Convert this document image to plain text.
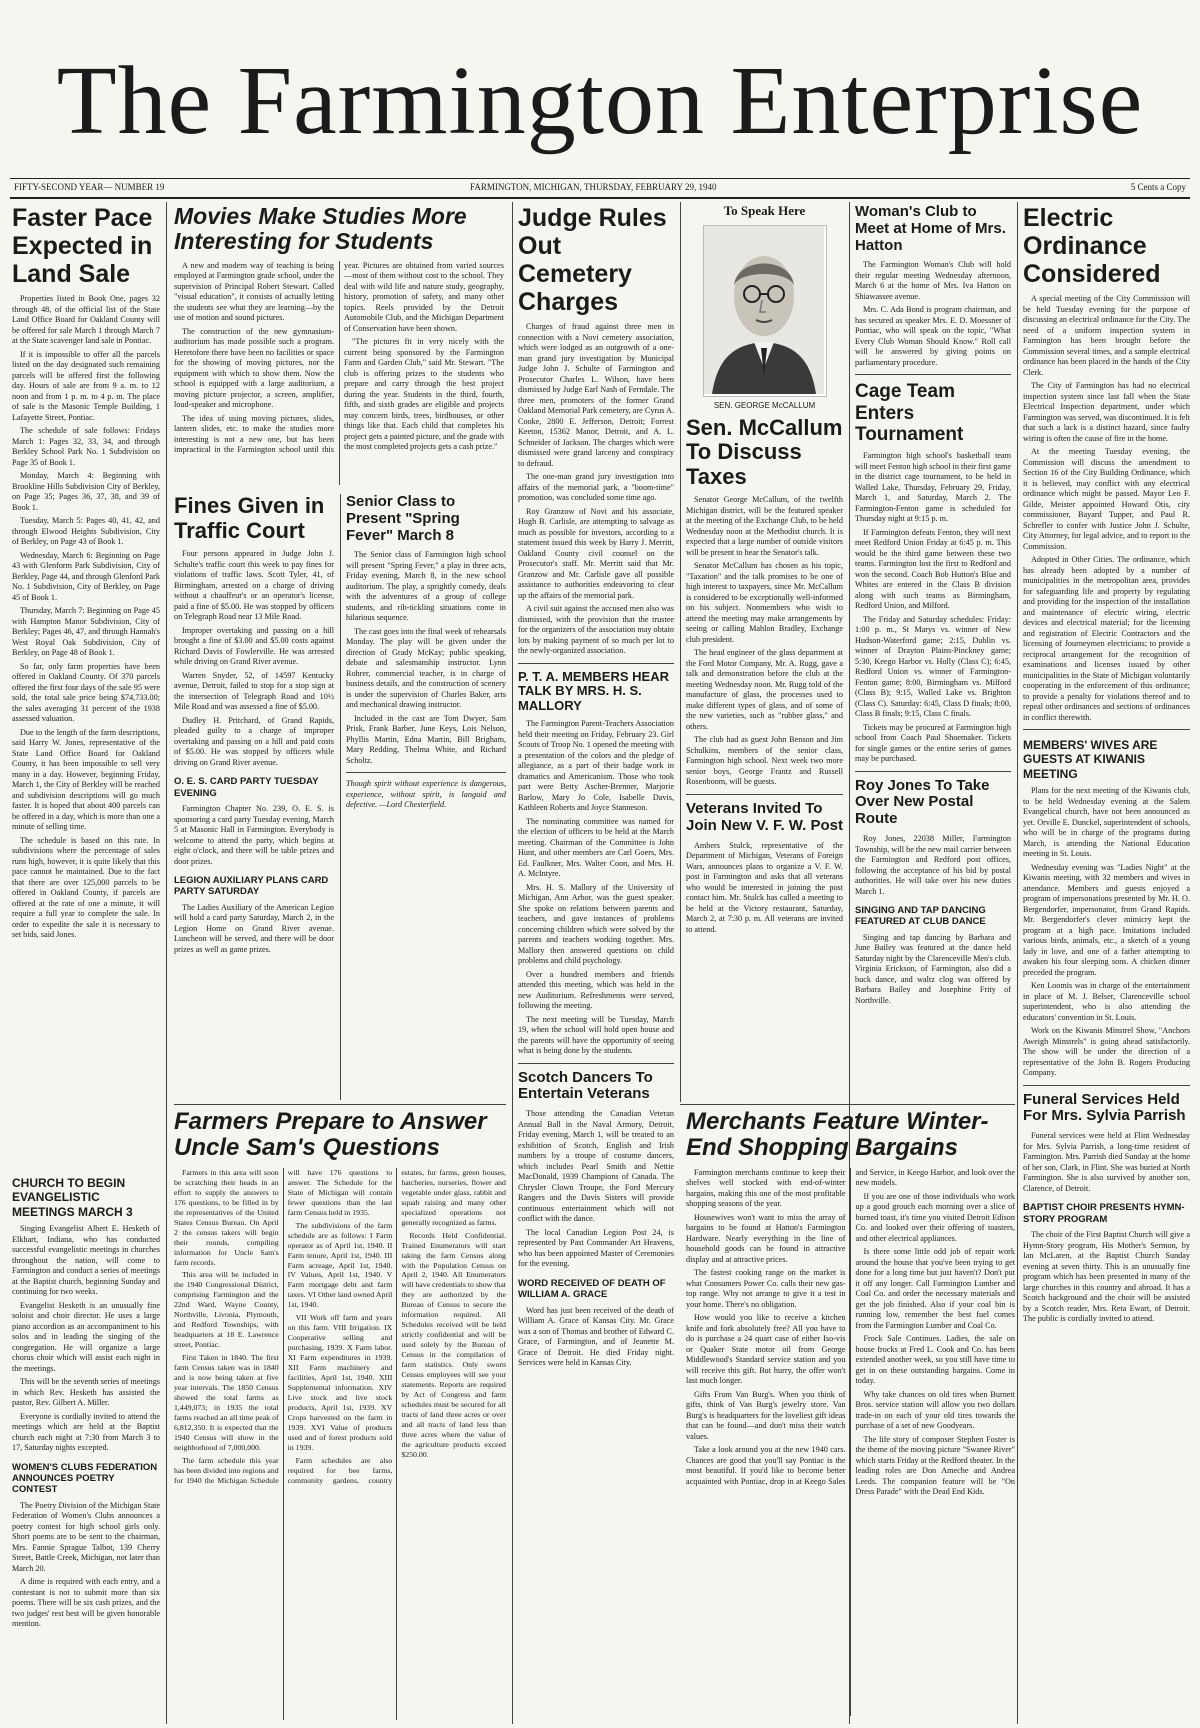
The Farmington Enterprise
FIFTY-SECOND YEAR— NUMBER 19	FARMINGTON, MICHIGAN, THURSDAY, FEBRUARY 29, 1940	5 Cents a Copy
Faster Pace Expected in Land Sale

Properties listed in Book One, pages 32 through 48, of the official list of the State Land Office Board for Oakland County will be offered for sale March 1 through March 7 at the State scavenger land sale in Pontiac.

If it is impossible to offer all the parcels listed on the day designated such remaining parcels will be offered first the following day. Hours of sale are from 9 a. m. to 12 noon and from 1 p. m. to 4 p. m. The place of sale is the Masonic Temple Building, 1 Lafayette Street, Pontiac.

The schedule of sale follows: Fridays March 1: Pages 32, 33, 34, and through Berkley School Park No. 1 Subdivision on Page 35 of Book 1.

Monday, March 4: Beginning with Brookline Hills Subdivision City of Berkley, on Page 35; Pages 36, 37, 38, and 39 of Book 1.

Tuesday, March 5: Pages 40, 41, 42, and through Elwood Heights Subdivision, City of Berkley, on Page 43 of Book 1.

Wednesday, March 6: Beginning on Page 43 with Glenform Park Subdivision, City of Berkley, Page 44, and through Glenford Park No. 1 Subdivision, City of Berkley, on Page 45 of Book 1.

Thursday, March 7: Beginning on Page 45 with Hampton Manor Subdivision, City of Berkley; Pages 46, 47, and through Hannah's West Royal Oak Subdivision, City of Berkley, on Page 48 of Book 1.

So far, only farm properties have been offered in Oakland County. Of 370 parcels offered the first four days of the sale 95 were sold, the total sale price being $74,733.00; the sales averaging 31 percent of the 1938 assessed valuation.

Due to the length of the farm descriptions, said Harry W. Jones, representative of the State Land Office Board for Oakland County, it has been impossible to sell very many in a day. However, beginning Friday, March 1, the City of Berkley will be reached and subdivision descriptions will go much faster. It is hoped that about 400 parcels can be offered in a day, which is more than one a minute of selling time.

The schedule is based on this rate. In subdivisions where the percentage of sales runs high, however, it is quite likely that this pace cannot be maintained. Due to the fact that there are over 125,000 parcels to be offered in Oakland County, if parcels are offered at the rate of one a minute, it will require a full year to complete the sale. In order to expedite the sale it is necessary to set bids, said Jones.

CHURCH TO BEGIN EVANGELISTIC MEETINGS MARCH 3

Singing Evangelist Albert E. Hesketh of Elkhart, Indiana, who has conducted successful evangelistic meetings in churches throughout the nation, will come to Farmington and conduct a series of meetings at the Baptist church, beginning Sunday and continuing for two weeks.

Evangelist Hesketh is an unusually fine soloist and choir director. He uses a large piano accordion as an accompaniment to his solos and in leading the singing of the congregation. He will organize a large chorus choir which will assist each night in the meetings.

This will be the seventh series of meetings in which Rev. Hesketh has assisted the pastor, Rev. Gilbert A. Miller.

Everyone is cordially invited to attend the meetings which are held at the Baptist church each night at 7:30 from March 3 to 17, Saturday nights excepted.

WOMEN'S CLUBS FEDERATION ANNOUNCES POETRY CONTEST

The Poetry Division of the Michigan State Federation of Women's Clubs announces a poetry contest for high school girls only. Short poems are to be sent to the chairman, Mrs. Fannie Sprague Talbot, 139 Cherry Street, Battle Creek, Michigan, not later than March 20.

A dime is required with each entry, and a contestant is not to submit more than six poems. There will be six cash prizes, and the two judges' rest best will be given honorable mention.

Movies Make Studies More Interesting for Students

A new and modern way of teaching is being employed at Farmington grade school, under the supervision of Principal Robert Stewart. Called "visual education", it consists of actually letting the students see what they are learning—by the use of motion and sound pictures.

The construction of the new gymnasium-auditorium has made possible such a program. Heretofore there have been no facilities or space for the showing of moving pictures, nor the equipment with which to show them. Now the school is equipped with a large auditorium, a moving picture projector, a screen, amplifier, loud-speaker and microphone.

The idea of using moving pictures, slides, lantern slides, etc. to make the studies more interesting is not a new one, but has been impractical in the Farmington school until this year. Pictures are obtained from varied sources—most of them without cost to the school. They deal with wild life and nature study, geography, history, promotion of safety, and many other topics. Reels provided by the Detroit Automobile Club, and the Michigan Department of Conservation have been shown.

"The pictures fit in very nicely with the current being sponsored by the Farmington Farm and Garden Club," said Mr. Stewart. "The club is offering prizes to the students who prepare and carry through the best project during the year. Students in the third, fourth, fifth, and sixth grades are eligible and projects may concern birds, trees, birdhouses, or other things like that. Each child that completes his project gets a painted picture, and the grade with the most completed projects gets a cash prize."

Fines Given in Traffic Court

Four persons appeared in Judge John J. Schulte's traffic court this week to pay fines for violations of traffic laws. Scott Tyler, 41, of Birmingham, arrested on a charge of driving without a chauffeur's or an operator's license, paid a fine of $5.00. He was stopped by officers on Telegraph Road near 13 Mile Road.

Improper overtaking and passing on a hill brought a fine of $3.00 and $5.00 costs against Richard Davis of Fowlerville. He was arrested while driving on Grand River avenue.

Warren Snyder, 52, of 14597 Kentucky avenue, Detroit, failed to stop for a stop sign at the intersection of Telegraph Road and 10½ Mile Road and was assessed a fine of $5.00.

Dudley H. Pritchard, of Grand Rapids, pleaded guilty to a charge of improper overtaking and passing on a hill and paid costs of $5.00. He was stopped by officers while driving on Grand River avenue.

O. E. S. CARD PARTY TUESDAY EVENING

Farmington Chapter No. 239, O. E. S. is sponsoring a card party Tuesday evening, March 5 at Masonic Hall in Farmington. Everybody is welcome to attend the party, which begins at eight o'clock, and there will be table prizes and door prizes.

LEGION AUXILIARY PLANS CARD PARTY SATURDAY

The Ladies Auxiliary of the American Legion will hold a card party Saturday, March 2, in the Legion Home on Grand River avenue. Luncheon will be served, and there will be door prizes as well as game prizes.

Senior Class to Present "Spring Fever" March 8

The Senior class of Farmington high school will present "Spring Fever," a play in three acts, Friday evening, March 8, in the new school auditorium. The play, a sprightly comedy, deals with the adventures of a group of college students, and rib-tickling situations come in hilarious sequence.

The cast goes into the final week of rehearsals Monday. The play will be given under the direction of Grady McKay; public speaking, debate and salesmanship instructor. Lynn Rohrer, commercial teacher, is in charge of business details, and the construction of scenery is under the supervision of Charles Baker, arts and mechanical drawing instructor.

Included in the cast are Tom Dwyer, Sam Prisk, Frank Barber, June Keys, Lois Nelson, Phyllis Martin, Edna Martin, Bill Brigham, Mary Redding, Thelma White, and Richard Scholtz.

Though spirit without experience is dangerous, experience, without spirit, is languid and defective. —Lord Chesterfield.
Farmers Prepare to Answer Uncle Sam's Questions

Farmers in this area will soon be scratching their heads in an effort to supply the answers to 176 questions, to be filled in by the representatives of the United States Census Bureau. On April 2 the census takers will begin their rounds, compiling information for Uncle Sam's farm records.

This area will be included in the 1940 Congressional District, comprising Farmington and the 22nd Ward, Wayne County, Northville, Livonia, Plymouth, and Redford Townships, with headquarters at 18 E. Lawrence street, Pontiac.

First Taken in 1840. The first farm Census taken was in 1840 and is now being taken at five year intervals. The 1850 Census showed the total farms as 1,449,073; in 1935 the total farms reached an all time peak of 6,812,350. It is expected that the 1940 Census will show in the neighborhood of 7,000,000.

The farm schedule this year has been divided into regions and for 1940 the Michigan Schedule will have 176 questions to answer. The Schedule for the State of Michigan will contain fewer questions than the last farm Census held in 1935.

The subdivisions of the farm schedule are as follows: I Farm operator as of April 1st, 1940. II Farm tenure, April 1st, 1940. III Farm acreage, April 1st, 1940. IV Values, April 1st, 1940. V Farm mortgage debt and farm taxes. VI Other land owned April 1st, 1940.

VII Work off farm and years on this farm. VIII Irrigation. IX Cooperative selling and purchasing, 1939. X Farm labor. XI Farm expenditures in 1939. XII Farm machinery and facilities, April 1st, 1940. XIII Supplemental information. XIV Live stock and live stock products, April 1st, 1939. XV Crops harvested on the farm in 1939. XVI Value of products used and of forest products sold in 1939.

Farm schedules are also required for bee farms, community gardens, country estates, fur farms, green houses, hatcheries, nurseries, flower and vegetable under glass, rabbit and squab raising and many other specialized operations not generally recognized as farms.

Records Held Confidential. Trained Enumerators will start taking the farm Census along with the Population Census on April 2, 1940. All Enumerators will have credentials to show that they are authorized by the Bureau of Census to secure the information required. All Schedules received will be held strictly confidential and will be used solely by the Bureau of Census in the compilation of farm statistics. Only sworn Census employees will see your statements. Reports are required by Act of Congress and farm schedules must be secured for all tracts of land three acres or over and all tracts of land less than three acres where the value of the agriculture products exceed $250.00.

Judge Rules Out Cemetery Charges

Charges of fraud against three men in connection with a Novi cemetery association, which were lodged as an outgrowth of a one-man grand jury investigation by Municipal Judge John J. Schulte of Farmington and Prosecutor Charles L. Wilson, have been dismissed by Judge Earl Nash of Ferndale. The three men, promoters of the former Grand Oakland Memorial Park cemetery, are Cyrus A. Cooke, 2800 E. Jefferson, Detroit; Forrest Keeton, 15362 Manor, Detroit, and A. L. Schneider of Jackson. The charges which were dismissed were grand larceny and conspiracy to defraud.

The one-man grand jury investigation into affairs of the memorial park, a "boom-time" promotion, was concluded some time ago.

Roy Granzow of Novi and his associate, Hugh B. Carlisle, are attempting to salvage as much as possible for investors, according to a statement issued this week by Harry J. Merritt, Oakland County civil counsel on the Prosecutor's staff. Mr. Merritt said that Mr. Granzow and Mr. Carlisle gave all possible assistance to authorities endeavoring to clear up the affairs of the memorial park.

A civil suit against the accused men also was dismissed, with the provision that the trustee for the organizers of the association may obtain lots by making payment of so much per lot to the newly-organized association.

P. T. A. MEMBERS HEAR TALK BY MRS. H. S. MALLORY

The Farmington Parent-Teachers Association held their meeting on Friday, February 23. Girl Scouts of Troop No. 1 opened the meeting with a presentation of the colors and the pledge of allegiance, as a part of their badge work in dramatics and Americanism. Those who took part were Betty Ascher-Brenner, Marjorie Barlow, Mary Jo Cole, Isabelle Davis, Kathleen Roberts and Joyce Stanneson.

The nominating committee was named for the election of officers to be held at the March meeting. Chairman of the Committee is John Hunt, and other members are Carl Goers, Mrs. Ed. Faulkner, Mrs. Walter Coon, and Mrs. H. A. McIntyre.

Mrs. H. S. Mallory of the University of Michigan, Ann Arbor, was the guest speaker. She spoke on relations between parents and teachers, and gave instances of problems concerning children which were solved by the parents and teachers working together. Mrs. Mallory then answered questions on child problems and child psychology.

Over a hundred members and friends attended this meeting, which was held in the new Auditorium. Refreshments were served, following the meeting.

The next meeting will be Tuesday, March 19, when the school will hold open house and the parents will have the opportunity of seeing what is being done by the students.

Scotch Dancers To Entertain Veterans

Those attending the Canadian Veteran Annual Ball in the Naval Armory, Detroit, Friday evening, March 1, will be treated to an exhibition of Scotch, English and Irish numbers by a troupe of costume dancers, which includes Pearl Smith and Nettie MacDonald, 1939 Champions of Canada. The Chrysler Clown Troupe, the Ford Mercury Rangers and the Davis Sisters will provide continuous entertainment which will not conflict with the dance.

The local Canadian Legion Post 24, is represented by Past Commander Art Heavens, who has been appointed Master of Ceremonies for the evening.

WORD RECEIVED OF DEATH OF WILLIAM A. GRACE

Word has just been received of the death of William A. Grace of Kansas City. Mr. Grace was a son of Thomas and brother of Edward C. Grace, of Farmington, and of Jeanette M. Grace of Detroit. He died Friday night. Services were held in Kansas City.

To Speak Here
SEN. GEORGE McCALLUM
Sen. McCallum To Discuss Taxes

Senator George McCallum, of the twelfth Michigan district, will be the featured speaker at the meeting of the Exchange Club, to be held Wednesday noon at the Methodist church. It is expected that a large number of outside visitors will be present to hear the Senator's talk.

Senator McCallum has chosen as his topic, "Taxation" and the talk promises to be one of high interest to taxpayers, since Mr. McCallum is considered to be exceptionally well-informed on his subject. Nonmembers who wish to attend the meeting may make arrangements by seeing or calling Mahlon Bradley, Exchange club president.

The head engineer of the glass department at the Ford Motor Company, Mr. A. Rugg, gave a talk and demonstration before the club at the meeting Wednesday noon. Mr. Rugg told of the manufacture of glass, the processes used to make different types of glass, and of some of the new varieties, such as "rubber glass," and others.

The club had as guest John Benson and Jim Schulkins, members of the senior class, Farmington high school. Next week two more senior boys, George Frantz and Russell Rosenboom, will be guests.

Veterans Invited To Join New V. F. W. Post

Ambers Stulck, representative of the Department of Michigan, Veterans of Foreign Wars, announces plans to organize a V. F. W. post in Farmington and asks that all veterans who would be interested in joining the post contact him. Mr. Stulck has called a meeting to be held at the Victory restaurant, Saturday, March 2, at 7:30 p. m. All veterans are invited to attend.

Merchants Feature Winter-End Shopping Bargains

Farmington merchants continue to keep their shelves well stocked with end-of-winter bargains, making this one of the most profitable shopping seasons of the year.

Housewives won't want to miss the array of bargains to be found at Hatton's Farmington Hardware. Nearly everything in the line of household goods can be found in attractive display and at attractive prices.

The fastest cooking range on the market is what Consumers Power Co. calls their new gas-top range. Why not arrange to give it a test in your home. There's no obligation.

How would you like to receive a kitchen knife and fork absolutely free? All you have to do is purchase a 24 quart case of either Iso-vis or Quaker State motor oil from George Middlewood's Standard service station and you will receive this gift. But hurry, the offer won't last much longer.

Gifts From Van Burg's. When you think of gifts, think of Van Burg's jewelry store. Van Burg's is headquarters for the loveliest gift ideas that can be found—and don't miss their watch values.

Take a look around you at the new 1940 cars. Chances are good that you'll say Pontiac is the most beautiful. If you'd like to become better acquainted with Pontiac, drop in at Keego Sales and Service, in Keego Harbor, and look over the new models.

If you are one of those individuals who work up a good grouch each morning over a slice of burned toast, it's time you visited Detroit Edison Co. and looked over their offering of toasters, and other electrical appliances.

Is there some little odd job of repair work around the house that you've been trying to get done for a long time but just haven't? Don't put it off any longer. Call Farmington Lumber and Coal Co. and order the necessary materials and get the job finished. Also if your coal bin is running low, remember the best fuel comes from the Farmington Lumber and Coal Co.

Frock Sale Continues. Ladies, the sale on house frocks at Fred L. Cook and Co. has been extended another week, so you still have time to get in on these outstanding bargains. Come in today.

Why take chances on old tires when Burnett Bros. service station will allow you two dollars trade-in on each of your old tires towards the purchase of a set of new Goodyears.

The life story of composer Stephen Foster is the theme of the moving picture "Swanee River" which starts Friday at the Redford theater. In the leading roles are Don Ameche and Andrea Leeds. The companion feature will be "On Dress Parade" with the Dead End Kids.

Woman's Club to Meet at Home of Mrs. Hatton

The Farmington Woman's Club will hold their regular meeting Wednesday afternoon, March 6 at the home of Mrs. Iva Hatton on Shiawassee avenue.

Mrs. C. Ada Bond is program chairman, and has secured as speaker Mrs. E. D. Moessner of Pontiac, who will speak on the topic, "What Every Club Woman Should Know." Roll call will be answered by giving points on parliamentary procedure.

Cage Team Enters Tournament

Farmington high school's basketball team will meet Fenton high school in their first game in the district cage tournament, to be held in Walled Lake, Thursday, February 29, Friday, March 1, and Saturday, March 2. The Farmington-Fenton game is scheduled for Thursday night at 9:15 p. m.

If Farmington defeats Fenton, they will next meet Redford Union Friday at 6:45 p. m. This would be the third game between these two teams. Farmington lost the first to Redford and won the second. Coach Bob Hutton's Blue and Whites are entered in the Class B division along with such teams as Birmingham, Redford Union, and Milford.

The Friday and Saturday schedules: Friday: 1:00 p. m., St Marys vs. winner of New Hudson-Waterford game; 2:15, Dublin vs. winner of Drayton Plains-Pinckney game; 5:30, Keego Harbor vs. Holly (Class C); 6:45, Redford Union vs. winner of Farmington-Fenton game; 8:00, Birmingham vs. Milford (Class B); 9:15, Walled Lake vs. Brighton (Class C). Saturday: 6:45, Class D finals; 8:00, Class B finals; 9:15, Class C finals.

Tickets may be procured at Farmington high school from Coach Paul Shoemaker. Tickets for single games or the entire series of games may be purchased.

Roy Jones To Take Over New Postal Route

Roy Jones, 22038 Miller, Farmington Township, will be the new mail carrier between the Farmington and Redford post offices, following the acceptance of his bid by postal authorities. He will take over his new duties March 1.

SINGING AND TAP DANCING FEATURED AT CLUB DANCE

Singing and tap dancing by Barbara and June Bailey was featured at the dance held Saturday night by the Clarenceville Men's club. Virginia Erickson, of Farmington, also did a buck dance, and waltz clog was offered by Barbara Bailey and Josephine Frity of Northville.

Electric Ordinance Considered

A special meeting of the City Commission will be held Tuesday evening for the purpose of discussing an electrical ordinance for the City. The need of a uniform inspection system in Farmington has been brought before the Commission several times, and a sample electrical ordinance has been placed in the hands of the City Clerk.

The City of Farmington has had no electrical inspection system since last fall when the State Electrical Inspection department, under which Farmington was served, was discontinued. It is felt that such a lack is a distinct hazard, since faulty wiring is often the cause of fire in the home.

At the meeting Tuesday evening, the Commission will discuss the amendment to Section 16 of the City Building Ordinance, which it is believed, may conflict with any electrical ordinance which might be passed. Mayor Leo F. Gilde, Meister appointed Howard Otis, city commissioner, Bayard Tupper, and Paul R. Schrefler to confer with Justice John J. Schulte, City Attorney, for legal advice, and to report to the Commission.

Adopted in Other Cities. The ordinance, which has already been adopted by a number of municipalities in the metropolitan area, provides for safeguarding life and property by regulating and providing for the inspection of the installation and maintenance of electric wiring, electric devices and electrical material; for the licensing and registration of Electric Contractors and the licensing of Journeymen electricians; to provide a reciprocal arrangement for the recognition of examinations and licenses issued by other municipalities in the State of Michigan voluntarily cooperating in the enforcement of this ordinance; to provide a penalty for violations thereof and to repeal other ordinances and sections of ordinances in conflict therewith.

MEMBERS' WIVES ARE GUESTS AT KIWANIS MEETING

Plans for the next meeting of the Kiwanis club, to be held Wednesday evening at the Salem Evangelical church, have not been announced as yet. Orville E. Dunckel, superintendent of schools, who will be in charge of the programs during March, is attending the National Education meeting in St. Louis.

Wednesday evening was "Ladies Night" at the Kiwanis meeting, with 32 members and wives in attendance. Members and guests enjoyed a program of impersonations presented by Mr. H. O. Bergendorfer, impersonator, from Grand Rapids. Mr. Bergendorfer's clever mimicry kept the program at a high pace. Imitations included various birds, animals, etc., a sketch of a young lady in love, and one of a father attempting to awaken his four sleeping sons. A chicken dinner preceded the program.

Ken Loomis was in charge of the entertainment in place of M. J. Belser, Clarenceville school superintendent, who is also attending the educators' convention in St. Louis.

Work on the Kiwanis Minstrel Show, "Anchors Aweigh Minstrels" is going ahead satisfactorily. The show will be under the direction of a representative of the John B. Rogers Producing Company.

Funeral Services Held For Mrs. Sylvia Parrish

Funeral services were held at Flint Wednesday for Mrs. Sylvia Parrish, a long-time resident of Farmington. Mrs. Parrish died Sunday at the home of her son, Clark, in Flint. She was buried at North Farmington. She is also survived by another son, Clarence, of Detroit.

BAPTIST CHOIR PRESENTS HYMN-STORY PROGRAM

The choir of the First Baptist Church will give a Hymn-Story program, His Mother's Sermon, by Ian McLaren, at the Baptist Church Sunday evening at seven thirty. This is an unusually fine program which has been presented in many of the large churches in this country and abroad. It has a Scotch background and the choir will be assisted by a Scotch reader, Mrs. Reta Ewart, of Detroit. The public is cordially invited to attend.
